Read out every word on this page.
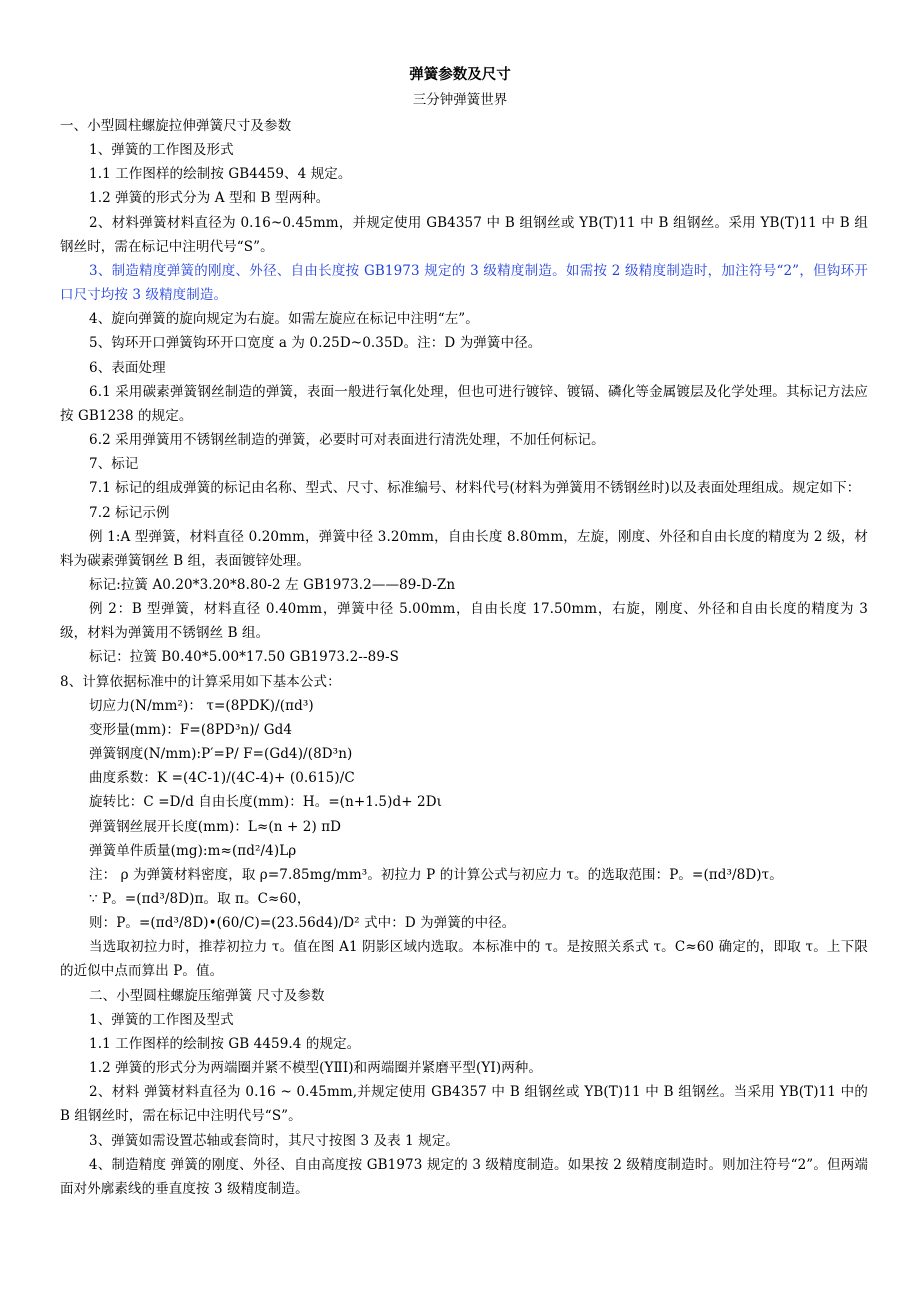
弹簧参数及尺寸
三分钟弹簧世界

一、小型圆柱螺旋拉伸弹簧尺寸及参数

1、弹簧的工作图及形式

1.1 工作图样的绘制按 GB4459、4 规定。

1.2 弹簧的形式分为 A 型和 B 型两种。

2、材料弹簧材料直径为 0.16~0.45mm，并规定使用 GB4357 中 B 组钢丝或 YB(T)11 中 B 组钢丝。采用 YB(T)11 中 B 组钢丝时，需在标记中注明代号“S”。

3、制造精度弹簧的刚度、外径、自由长度按 GB1973 规定的 3 级精度制造。如需按 2 级精度制造时，加注符号“2”，但钩环开口尺寸均按 3 级精度制造。

4、旋向弹簧的旋向规定为右旋。如需左旋应在标记中注明“左”。

5、钩环开口弹簧钩环开口宽度 a 为 0.25D~0.35D。注：D 为弹簧中径。

6、表面处理

6.1 采用碳素弹簧钢丝制造的弹簧，表面一般进行氧化处理，但也可进行镀锌、镀镉、磷化等金属镀层及化学处理。其标记方法应按 GB1238 的规定。

6.2 采用弹簧用不锈钢丝制造的弹簧，必要时可对表面进行清洗处理，不加任何标记。

7、标记

7.1 标记的组成弹簧的标记由名称、型式、尺寸、标准编号、材料代号(材料为弹簧用不锈钢丝时)以及表面处理组成。规定如下：

7.2 标记示例

例 1:A 型弹簧，材料直径 0.20mm，弹簧中径 3.20mm，自由长度 8.80mm，左旋，刚度、外径和自由长度的精度为 2 级，材料为碳素弹簧钢丝 B 组，表面镀锌处理。

标记:拉簧 A0.20*3.20*8.80-2 左 GB1973.2——89-D-Zn

例 2：B 型弹簧，材料直径 0.40mm，弹簧中径 5.00mm，自由长度 17.50mm，右旋，刚度、外径和自由长度的精度为 3 级，材料为弹簧用不锈钢丝 B 组。

标记：拉簧 B0.40*5.00*17.50 GB1973.2--89-S

8、计算依据标准中的计算采用如下基本公式：

切应力(N/mm²)： τ=(8PDK)/(πd³)

变形量(mm)：F=(8PD³n)/ Gd4

弹簧钢度(N/mm):P′=P/ F=(Gd4)/(8D³n)

曲度系数：K =(4C-1)/(4C-4)+ (0.615)/C

旋转比：C =D/d 自由长度(mm)：H。=(n+1.5)d+ 2Dι

弹簧钢丝展开长度(mm)：L≈(n + 2) πD

弹簧单件质量(mg):m≈(πd²/4)Lρ

注： ρ 为弹簧材料密度，取 ρ=7.85mg/mm³。初拉力 P 的计算公式与初应力 τ。的选取范围：P。=(πd³/8D)τ。

∵ P。=(πd³/8D)π。取 π。C≈60，

则：P。=(πd³/8D)•(60/C)=(23.56d4)/D² 式中：D 为弹簧的中径。

当选取初拉力时，推荐初拉力 τ。值在图 A1 阴影区域内选取。本标准中的 τ。是按照关系式 τ。C≈60 确定的，即取 τ。上下限的近似中点而算出 P。值。

二、小型圆柱螺旋压缩弹簧 尺寸及参数

1、弹簧的工作图及型式

1.1 工作图样的绘制按 GB 4459.4 的规定。

1.2 弹簧的形式分为两端圈并紧不模型(YⅡⅠ)和两端圈并紧磨平型(YⅠ)两种。

2、材料 弹簧材料直径为 0.16 ~ 0.45mm,并规定使用 GB4357 中 B 组钢丝或 YB(T)11 中 B 组钢丝。当采用 YB(T)11 中的 B 组钢丝时，需在标记中注明代号“S”。

3、弹簧如需设置芯轴或套筒时，其尺寸按图 3 及表 1 规定。

4、制造精度 弹簧的刚度、外径、自由高度按 GB1973 规定的 3 级精度制造。如果按 2 级精度制造时。则加注符号“2”。但两端面对外廓素线的垂直度按 3 级精度制造。
